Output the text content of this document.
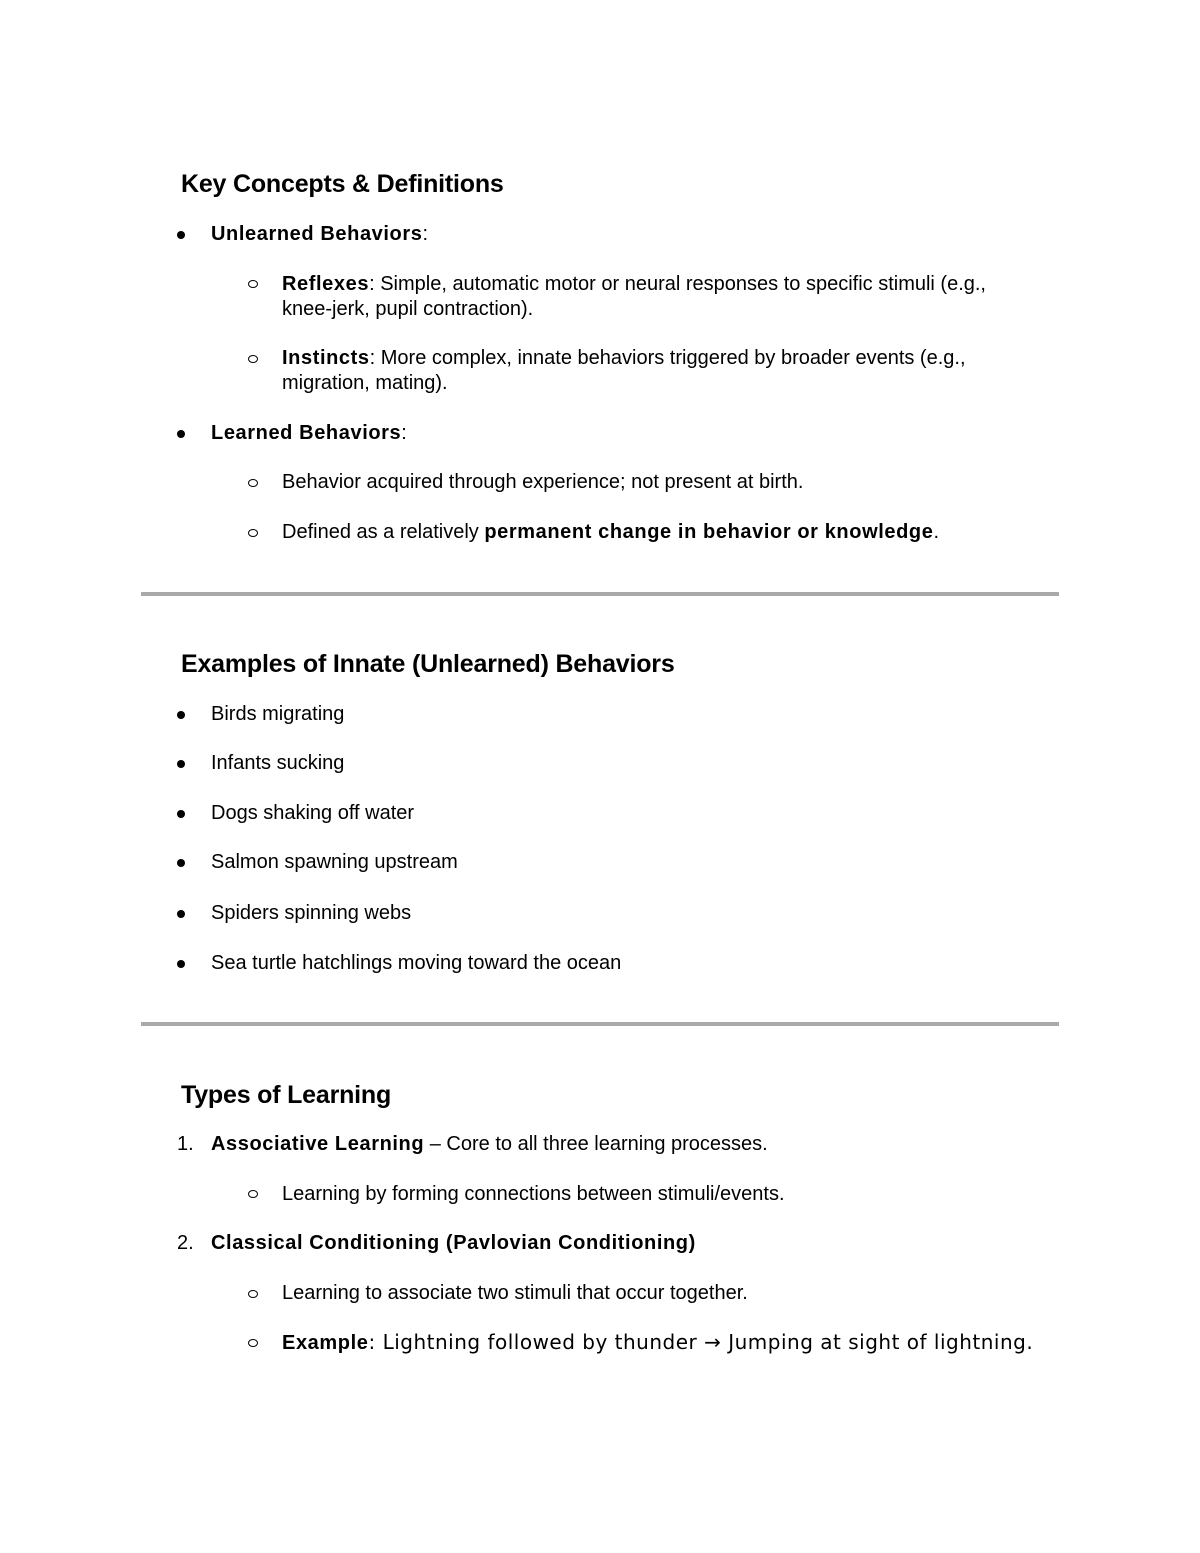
Key Concepts & Definitions
Unlearned Behaviors:
Reflexes: Simple, automatic motor or neural responses to specific stimuli (e.g.,
knee-jerk, pupil contraction).
Instincts: More complex, innate behaviors triggered by broader events (e.g.,
migration, mating).
Learned Behaviors:
Behavior acquired through experience; not present at birth.
Defined as a relatively permanent change in behavior or knowledge.
Examples of Innate (Unlearned) Behaviors
Birds migrating
Infants sucking
Dogs shaking off water
Salmon spawning upstream
Spiders spinning webs
Sea turtle hatchlings moving toward the ocean
Types of Learning
1. Associative Learning – Core to all three learning processes.
Learning by forming connections between stimuli/events.
2. Classical Conditioning (Pavlovian Conditioning)
Learning to associate two stimuli that occur together.
Example: Lightning followed by thunder → Jumping at sight of lightning.
